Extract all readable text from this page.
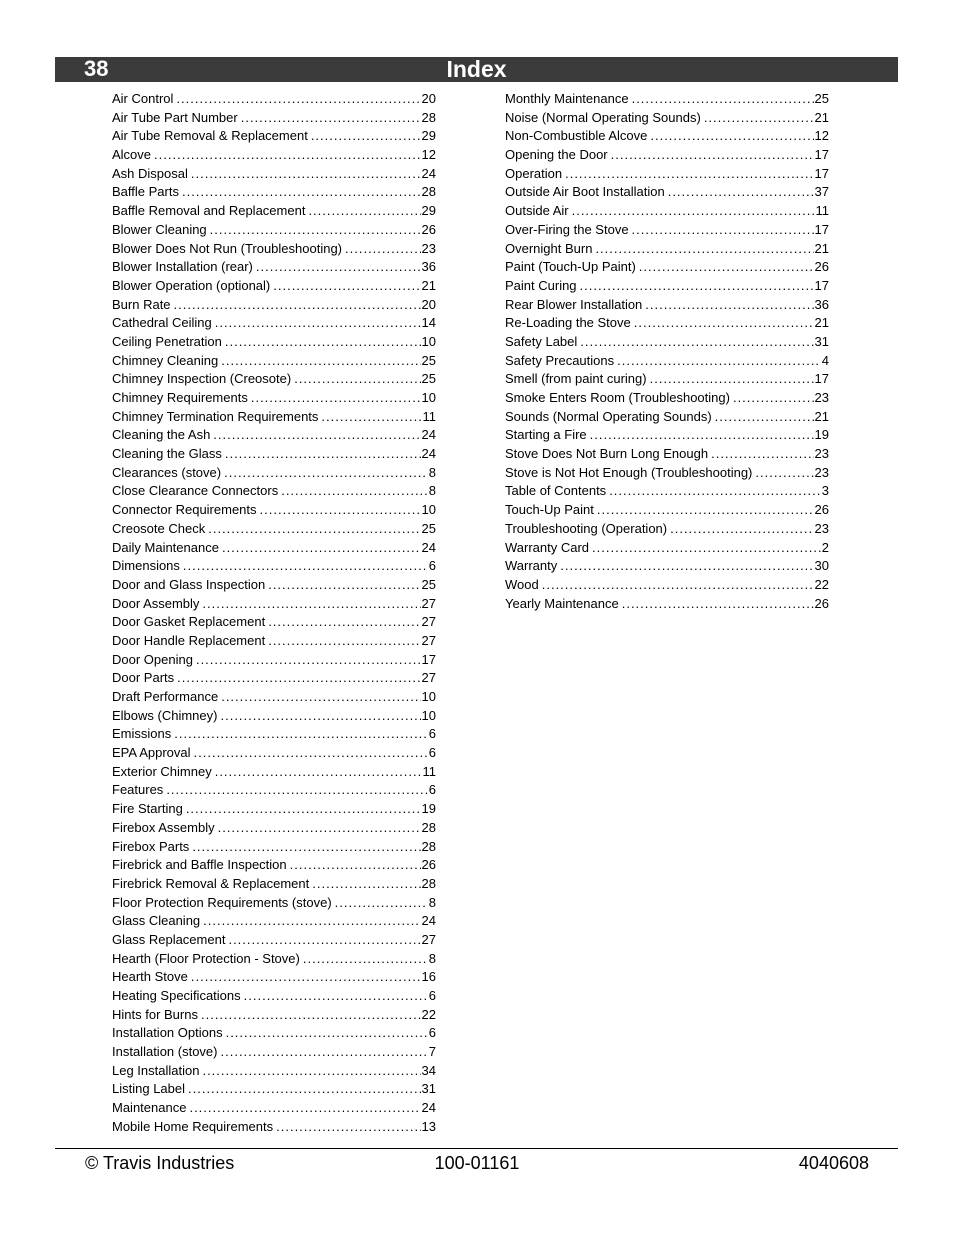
38	Index
Air Control .....	20
Air Tube Part Number .....	28
Air Tube Removal & Replacement .....	29
Alcove .....	12
Ash Disposal .....	24
Baffle Parts .....	28
Baffle Removal and Replacement .....	29
Blower Cleaning .....	26
Blower Does Not Run (Troubleshooting) .....	23
Blower Installation (rear) .....	36
Blower Operation (optional) .....	21
Burn Rate .....	20
Cathedral Ceiling .....	14
Ceiling Penetration .....	10
Chimney Cleaning .....	25
Chimney Inspection (Creosote) .....	25
Chimney Requirements .....	10
Chimney Termination Requirements .....	11
Cleaning the Ash .....	24
Cleaning the Glass .....	24
Clearances (stove) .....	8
Close Clearance Connectors .....	8
Connector Requirements .....	10
Creosote Check .....	25
Daily Maintenance .....	24
Dimensions .....	6
Door and Glass Inspection .....	25
Door Assembly .....	27
Door Gasket Replacement .....	27
Door Handle Replacement .....	27
Door Opening .....	17
Door Parts .....	27
Draft Performance .....	10
Elbows (Chimney) .....	10
Emissions .....	6
EPA Approval .....	6
Exterior Chimney .....	11
Features .....	6
Fire Starting .....	19
Firebox Assembly .....	28
Firebox Parts .....	28
Firebrick and Baffle Inspection .....	26
Firebrick Removal & Replacement .....	28
Floor Protection Requirements (stove) .....	8
Glass Cleaning .....	24
Glass Replacement .....	27
Hearth (Floor Protection - Stove) .....	8
Hearth Stove .....	16
Heating Specifications .....	6
Hints for Burns .....	22
Installation Options .....	6
Installation (stove) .....	7
Leg Installation .....	34
Listing Label .....	31
Maintenance .....	24
Mobile Home Requirements .....	13
Monthly Maintenance .....	25
Noise (Normal Operating Sounds) .....	21
Non-Combustible Alcove .....	12
Opening the Door .....	17
Operation .....	17
Outside Air Boot Installation .....	37
Outside Air .....	11
Over-Firing the Stove .....	17
Overnight Burn .....	21
Paint (Touch-Up Paint) .....	26
Paint Curing .....	17
Rear Blower Installation .....	36
Re-Loading the Stove .....	21
Safety Label .....	31
Safety Precautions .....	4
Smell (from paint curing) .....	17
Smoke Enters Room (Troubleshooting) .....	23
Sounds (Normal Operating Sounds) .....	21
Starting a Fire .....	19
Stove Does Not Burn Long Enough .....	23
Stove is Not Hot Enough (Troubleshooting) .....	23
Table of Contents .....	3
Touch-Up Paint .....	26
Troubleshooting (Operation) .....	23
Warranty Card .....	2
Warranty .....	30
Wood .....	22
Yearly Maintenance .....	26
© Travis Industries	100-01161	4040608
